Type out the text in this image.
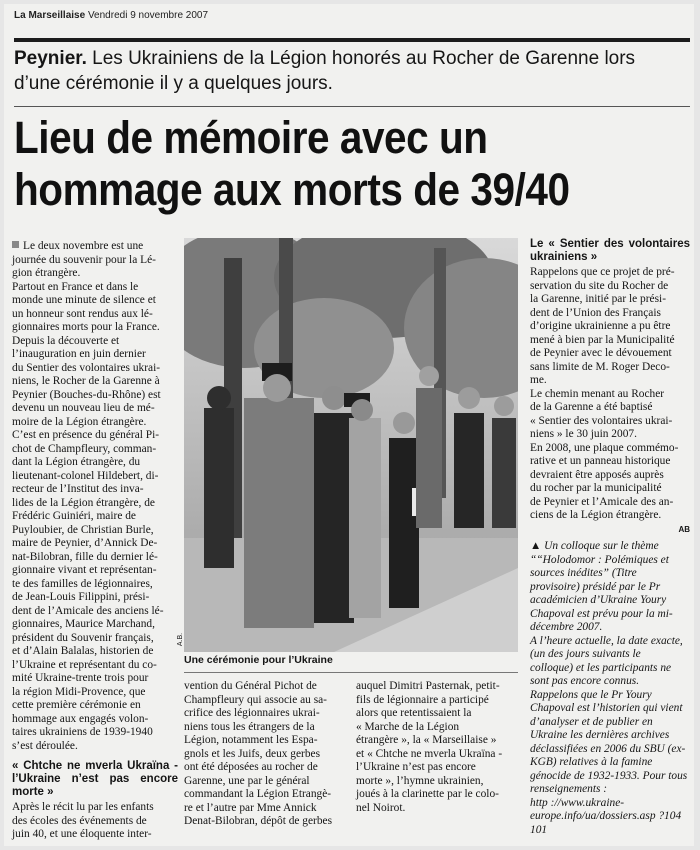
La Marseillaise Vendredi 9 novembre 2007
Peynier. Les Ukrainiens de la Légion honorés au Rocher de Garenne lors d’une cérémonie il y a quelques jours.
Lieu de mémoire avec un
hommage aux morts de 39/40
Le deux novembre est une
journée du souvenir pour la Lé-
gion étrangère.
Partout en France et dans le
monde une minute de silence et
un honneur sont rendus aux lé-
gionnaires morts pour la France.
Depuis la découverte et
l’inauguration en juin dernier
du Sentier des volontaires ukrai-
niens, le Rocher de la Garenne à
Peynier (Bouches-du-Rhône) est
devenu un nouveau lieu de mé-
moire de la Légion étrangère.
C’est en présence du général Pi-
chot de Champfleury, comman-
dant la Légion étrangère, du
lieutenant-colonel Hildebert, di-
recteur de l’Institut des inva-
lides de la Légion étrangère, de
Frédéric Guiniéri, maire de
Puyloubier, de Christian Burle,
maire de Peynier, d’Annick De-
nat-Bilobran, fille du dernier lé-
gionnaire vivant et représentan-
te des familles de légionnaires,
de Jean-Louis Filippini, prési-
dent de l’Amicale des anciens lé-
gionnaires, Maurice Marchand,
président du Souvenir français,
et d’Alain Balalas, historien de
l’Ukraine et représentant du co-
mité Ukraine-trente trois pour
la région Midi-Provence, que
cette première cérémonie en
hommage aux engagés volon-
taires ukrainiens de 1939-1940
s’est déroulée.
« Chtche ne mverla Ukraïna - l’Ukraine n’est pas encore morte »
Après le récit lu par les enfants
des écoles des événements de
juin 40, et une éloquente inter-
A.B.
Une cérémonie pour l’Ukraine
vention du Général Pichot de
Champfleury qui associe au sa-
crifice des légionnaires ukrai-
niens tous les étrangers de la
Légion, notamment les Espa-
gnols et les Juifs, deux gerbes
ont été déposées au rocher de
Garenne, une par le général
commandant la Légion Etrangè-
re et l’autre par Mme Annick
Denat-Bilobran, dépôt de gerbes
auquel Dimitri Pasternak, petit-
fils de légionnaire a participé
alors que retentissaient la
« Marche de la Légion
étrangère », la « Marseillaise »
et « Chtche ne mverla Ukraïna -
l’Ukraine n’est pas encore
morte », l’hymne ukrainien,
joués à la clarinette par le colo-
nel Noirot.
Le « Sentier des volontaires ukrainiens »
Rappelons que ce projet de pré-
servation du site du Rocher de
la Garenne, initié par le prési-
dent de l’Union des Français
d’origine ukrainienne a pu être
mené à bien par la Municipalité
de Peynier avec le dévouement
sans limite de M. Roger Deco-
me.
Le chemin menant au Rocher
de la Garenne a été baptisé
« Sentier des volontaires ukrai-
niens » le 30 juin 2007.
En 2008, une plaque commémo-
rative et un panneau historique
devraient être apposés auprès
du rocher par la municipalité
de Peynier et l’Amicale des an-
ciens de la Légion étrangère.
AB
▲ Un colloque sur le thème
““Holodomor : Polémiques et
sources inédites” (Titre
provisoire) présidé par le Pr
académicien d’Ukraine Youry
Chapoval est prévu pour la mi-
décembre 2007.
A l’heure actuelle, la date exacte,
(un des jours suivants le
colloque) et les participants ne
sont pas encore connus.
Rappelons que le Pr Youry
Chapoval est l’historien qui vient
d’analyser et de publier en
Ukraine les dernières archives
déclassifiées en 2006 du SBU (ex-
KGB) relatives à la famine
génocide de 1932-1933. Pour tous
renseignements :
http ://www.ukraine-
europe.info/ua/dossiers.asp ?104
101
